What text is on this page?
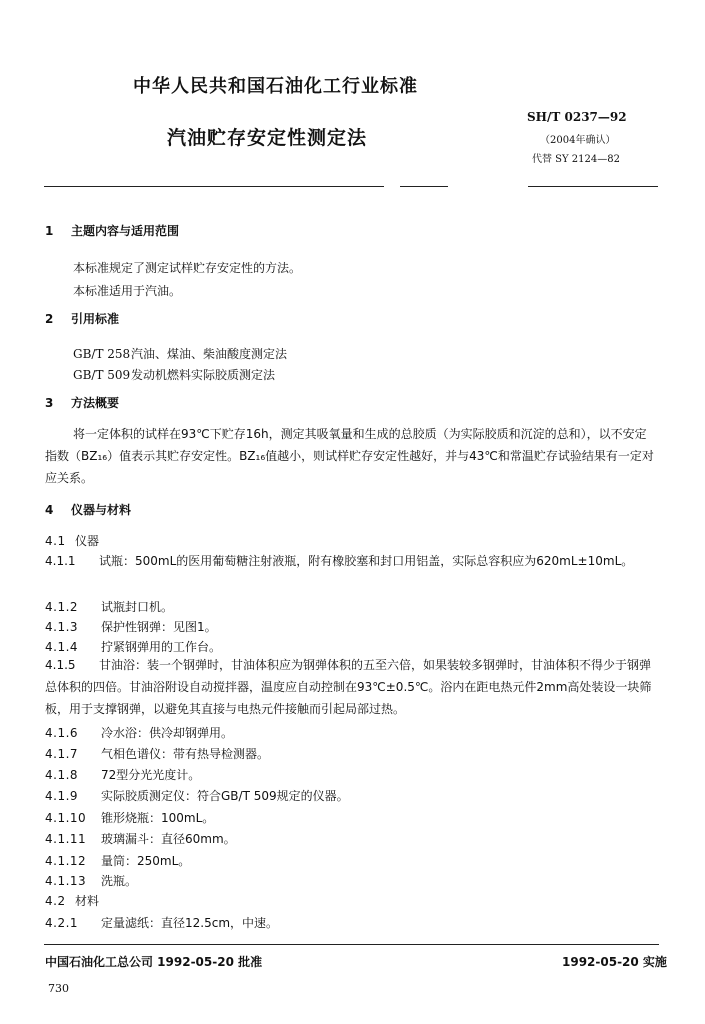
中华人民共和国石油化工行业标准
汽油贮存安定性测定法
SH/T 0237—92
（2004年确认）
代替 SY 2124—82
1 主题内容与适用范围
本标准规定了测定试样贮存安定性的方法。
本标准适用于汽油。
2 引用标准
GB/T 258汽油、煤油、柴油酸度测定法
GB/T 509发动机燃料实际胶质测定法
3 方法概要
将一定体积的试样在93℃下贮存16h，测定其吸氧量和生成的总胶质（为实际胶质和沉淀的总和），以不安定指数（BZ₁₆）值表示其贮存安定性。BZ₁₆值越小，则试样贮存安定性越好，并与43℃和常温贮存试验结果有一定对应关系。
4 仪器与材料
4.1 仪器
4.1.1 试瓶：500mL的医用葡萄糖注射液瓶，附有橡胶塞和封口用铝盖，实际总容积应为620mL±10mL。
4.1.2 试瓶封口机。
4.1.3 保护性钢弹：见图1。
4.1.4 拧紧钢弹用的工作台。
4.1.5 甘油浴：装一个钢弹时，甘油体积应为钢弹体积的五至六倍，如果装较多钢弹时，甘油体积不得少于钢弹总体积的四倍。甘油浴附设自动搅拌器，温度应自动控制在93℃±0.5℃。浴内在距电热元件2mm高处装设一块筛板，用于支撑钢弹，以避免其直接与电热元件接触而引起局部过热。
4.1.6 冷水浴：供冷却钢弹用。
4.1.7 气相色谱仪：带有热导检测器。
4.1.8 72型分光光度计。
4.1.9 实际胶质测定仪：符合GB/T 509规定的仪器。
4.1.10 锥形烧瓶：100mL。
4.1.11 玻璃漏斗：直径60mm。
4.1.12 量筒：250mL。
4.1.13 洗瓶。
4.2 材料
4.2.1 定量滤纸：直径12.5cm，中速。
中国石油化工总公司 1992-05-20 批准	1992-05-20 实施
730
